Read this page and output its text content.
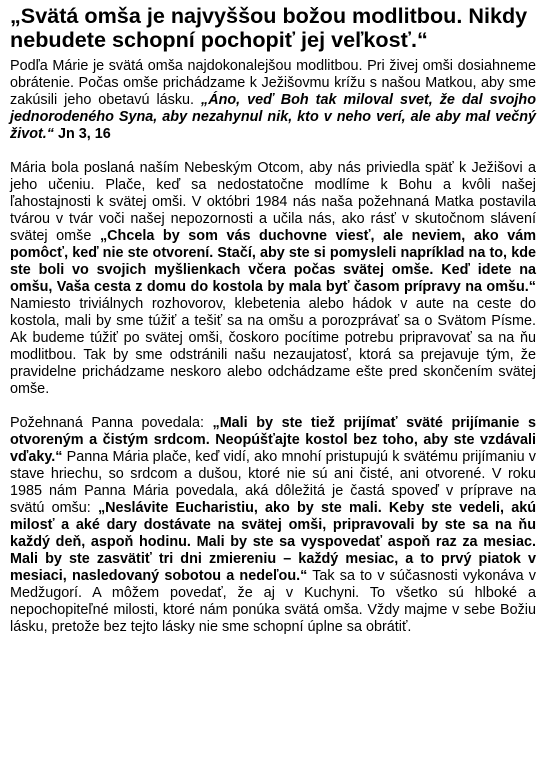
„Svätá omša je najvyššou božou modlitbou. Nikdy nebudete schopní pochopiť jej veľkosť.“

Podľa Márie je svätá omša najdokonalejšou modlitbou. Pri živej omši dosiahneme obrátenie. Počas omše prichádzame k Ježišovmu krížu s našou Matkou, aby sme zakúsili jeho obetavú lásku. „Áno, veď Boh tak miloval svet, že dal svojho jednorodeného Syna, aby nezahynul nik, kto v neho verí, ale aby mal večný život.“ Jn 3, 16

Mária bola poslaná naším Nebeským Otcom, aby nás priviedla späť k Ježišovi a jeho učeniu. Plače, keď sa nedostatočne modlíme k Bohu a kvôli našej ľahostajnosti k svätej omši. V októbri 1984 nás naša požehnaná Matka postavila tvárou v tvár voči našej nepozornosti a učila nás, ako rásť v skutočnom slávení svätej omše „Chcela by som vás duchovne viesť, ale neviem, ako vám pomôcť, keď nie ste otvorení. Stačí, aby ste si pomysleli napríklad na to, kde ste boli vo svojich myšlienkach včera počas svätej omše. Keď idete na omšu, Vaša cesta z domu do kostola by mala byť časom prípravy na omšu.“ Namiesto triviálnych rozhovorov, klebetenia alebo hádok v aute na ceste do kostola, mali by sme túžiť a tešiť sa na omšu a porozprávať sa o Svätom Písme. Ak budeme túžiť po svätej omši, čoskoro pocítime potrebu pripravovať sa na ňu modlitbou. Tak by sme odstránili našu nezaujatosť, ktorá sa prejavuje tým, že pravidelne prichádzame neskoro alebo odchádzame ešte pred skončením svätej omše.

Požehnaná Panna povedala: „Mali by ste tiež prijímať sväté prijímanie s otvoreným a čistým srdcom. Neopúšťajte kostol bez toho, aby ste vzdávali vďaky.“ Panna Mária plače, keď vidí, ako mnohí pristupujú k svätému prijímaniu v stave hriechu, so srdcom a dušou, ktoré nie sú ani čisté, ani otvorené. V roku 1985 nám Panna Mária povedala, aká dôležitá je častá spoveď v príprave na svätú omšu: „Neslávite Eucharistiu, ako by ste mali. Keby ste vedeli, akú milosť a aké dary dostávate na svätej omši, pripravovali by ste sa na ňu každý deň, aspoň hodinu. Mali by ste sa vyspovedať aspoň raz za mesiac. Mali by ste zasvätiť tri dni zmiereniu – každý mesiac, a to prvý piatok v mesiaci, nasledovaný sobotou a nedeľou.“ Tak sa to v súčasnosti vykonáva v Medžugorí. A môžem povedať, že aj v Kuchyni. To všetko sú hlboké a nepochopiteľné milosti, ktoré nám ponúka svätá omša. Vždy majme v sebe Božiu lásku, pretože bez tejto lásky nie sme schopní úplne sa obrátiť.
